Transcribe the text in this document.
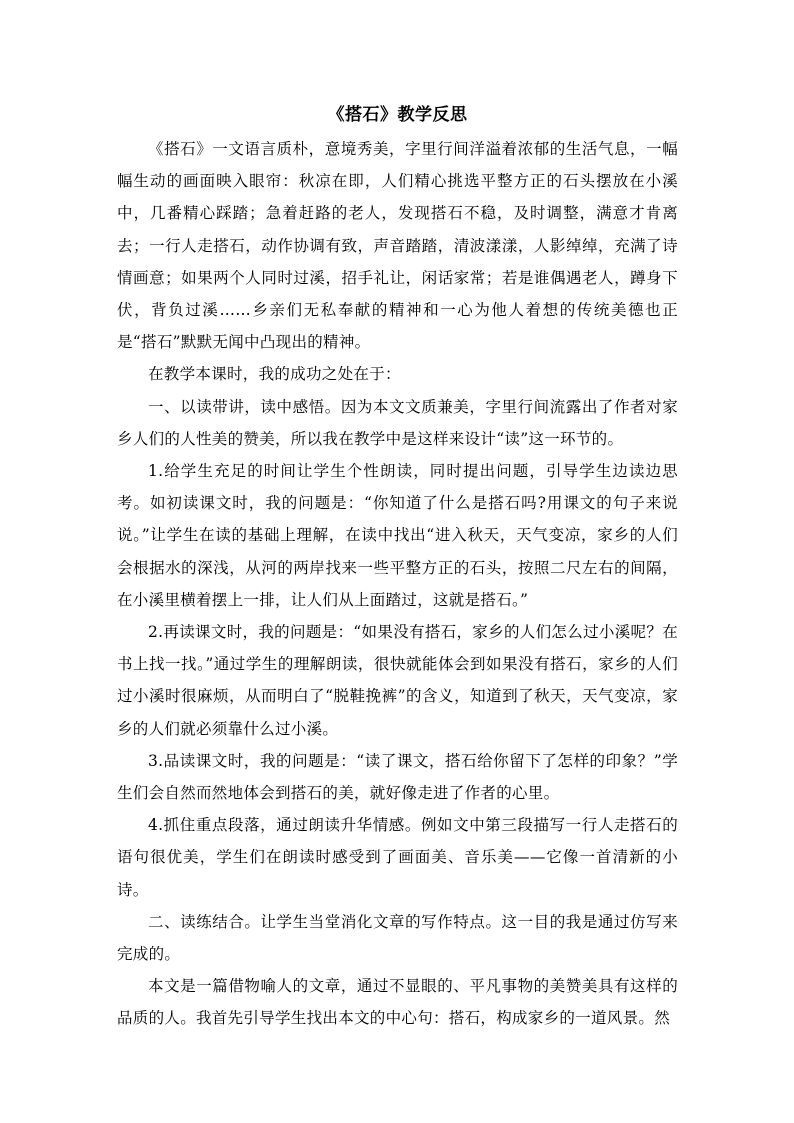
《搭石》教学反思

《搭石》一文语言质朴，意境秀美，字里行间洋溢着浓郁的生活气息，一幅幅生动的画面映入眼帘：秋凉在即，人们精心挑选平整方正的石头摆放在小溪中，几番精心踩踏；急着赶路的老人，发现搭石不稳，及时调整，满意才肯离去；一行人走搭石，动作协调有致，声音踏踏，清波漾漾，人影绰绰，充满了诗情画意；如果两个人同时过溪，招手礼让，闲话家常；若是谁偶遇老人，蹲身下伏，背负过溪……乡亲们无私奉献的精神和一心为他人着想的传统美德也正是“搭石”默默无闻中凸现出的精神。

在教学本课时，我的成功之处在于：

一、以读带讲，读中感悟。因为本文文质兼美，字里行间流露出了作者对家乡人们的人性美的赞美，所以我在教学中是这样来设计“读”这一环节的。

1.给学生充足的时间让学生个性朗读，同时提出问题，引导学生边读边思考。如初读课文时，我的问题是：“你知道了什么是搭石吗?用课文的句子来说说。”让学生在读的基础上理解，在读中找出“进入秋天，天气变凉，家乡的人们会根据水的深浅，从河的两岸找来一些平整方正的石头，按照二尺左右的间隔，在小溪里横着摆上一排，让人们从上面踏过，这就是搭石。”

2.再读课文时，我的问题是：“如果没有搭石，家乡的人们怎么过小溪呢？在书上找一找。”通过学生的理解朗读，很快就能体会到如果没有搭石，家乡的人们过小溪时很麻烦，从而明白了“脱鞋挽裤”的含义，知道到了秋天，天气变凉，家乡的人们就必须靠什么过小溪。

3.品读课文时，我的问题是：“读了课文，搭石给你留下了怎样的印象？”学生们会自然而然地体会到搭石的美，就好像走进了作者的心里。

4.抓住重点段落，通过朗读升华情感。例如文中第三段描写一行人走搭石的语句很优美，学生们在朗读时感受到了画面美、音乐美——它像一首清新的小诗。

二、读练结合。让学生当堂消化文章的写作特点。这一目的我是通过仿写来完成的。

本文是一篇借物喻人的文章，通过不显眼的、平凡事物的美赞美具有这样的品质的人。我首先引导学生找出本文的中心句：搭石，构成家乡的一道风景。然
